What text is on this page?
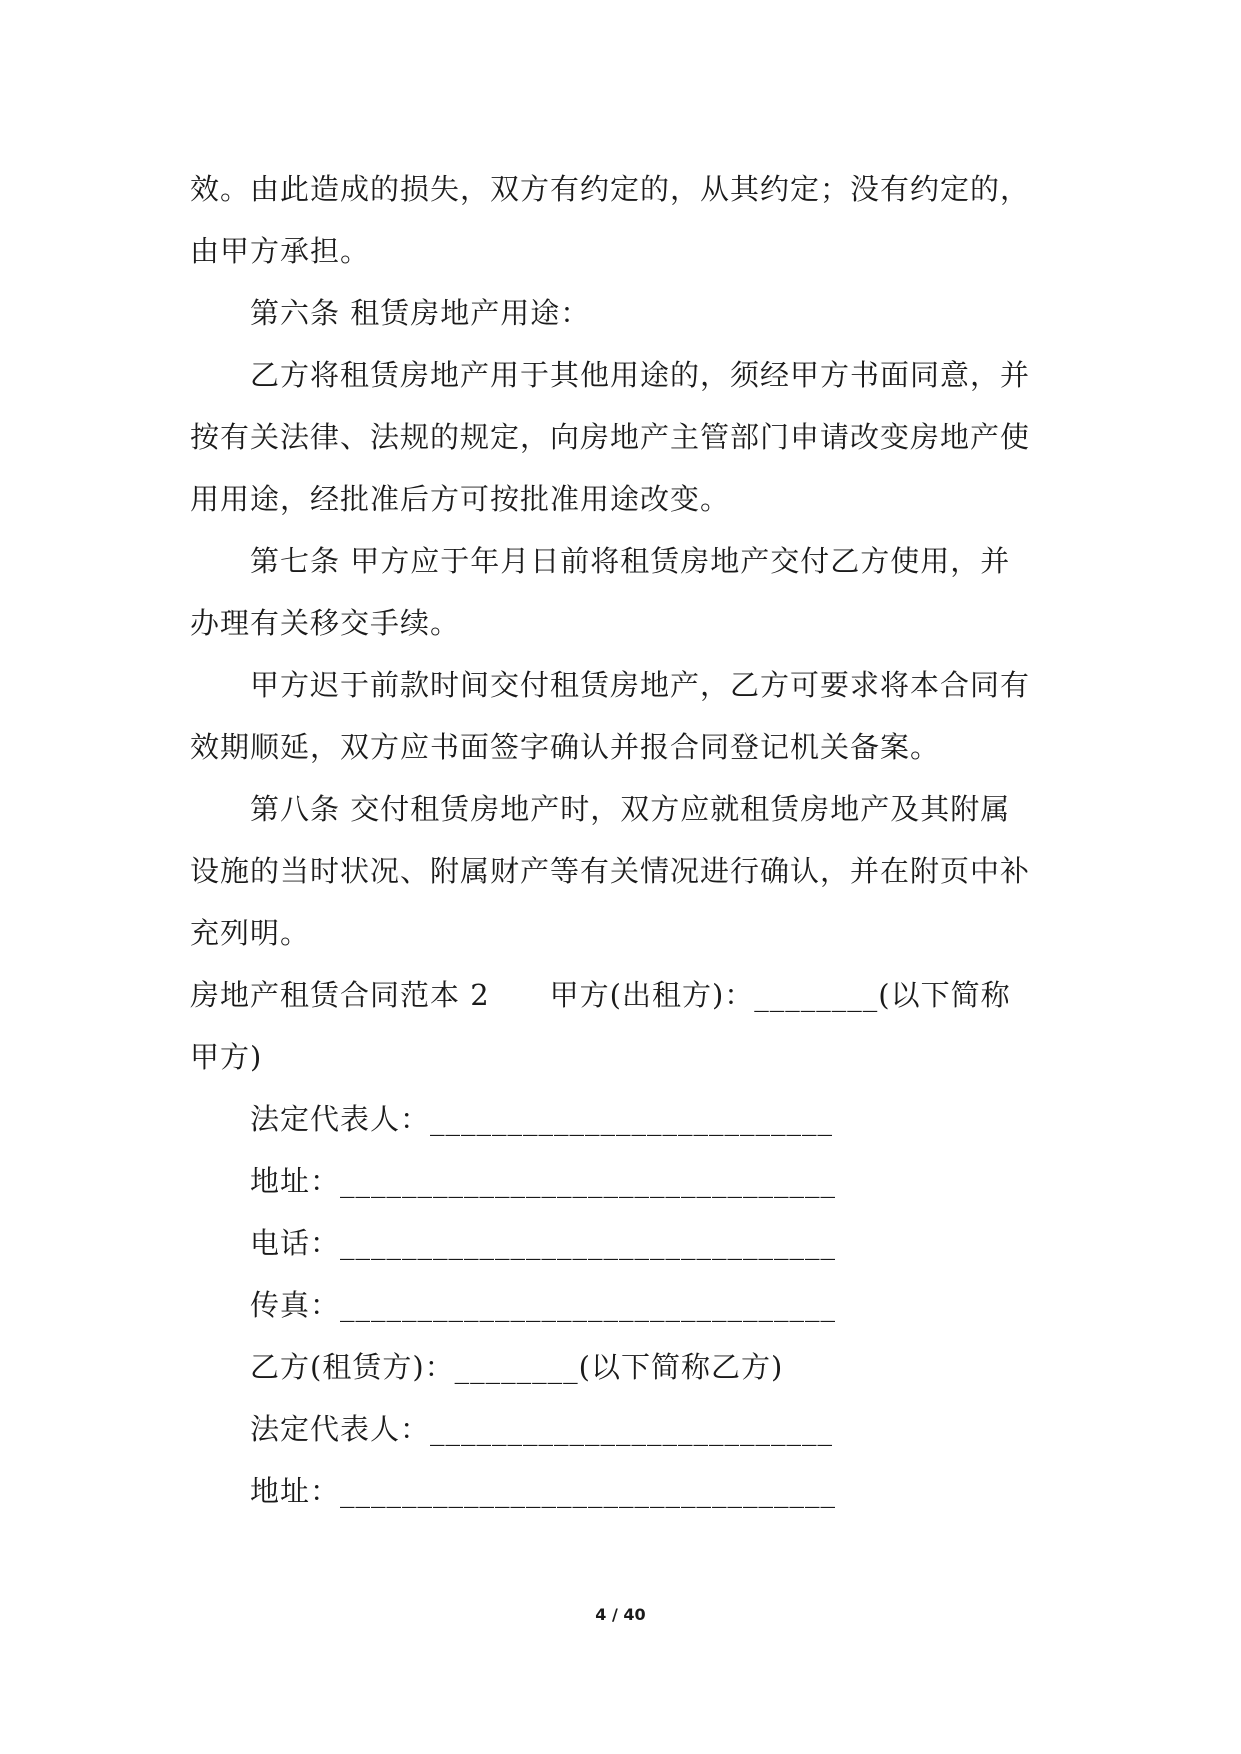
效。由此造成的损失，双方有约定的，从其约定；没有约定的，
由甲方承担。
第六条 租赁房地产用途：
乙方将租赁房地产用于其他用途的，须经甲方书面同意，并
按有关法律、法规的规定，向房地产主管部门申请改变房地产使
用用途，经批准后方可按批准用途改变。
第七条 甲方应于年月日前将租赁房地产交付乙方使用，并
办理有关移交手续。
甲方迟于前款时间交付租赁房地产，乙方可要求将本合同有
效期顺延，双方应书面签字确认并报合同登记机关备案。
第八条 交付租赁房地产时，双方应就租赁房地产及其附属
设施的当时状况、附属财产等有关情况进行确认，并在附页中补
充列明。
房地产租赁合同范本 2　　甲方(出租方)：________(以下简称
甲方)
法定代表人：__________________________
地址：________________________________
电话：________________________________
传真：________________________________
乙方(租赁方)：________(以下简称乙方)
法定代表人：__________________________
地址：________________________________
4 / 40
